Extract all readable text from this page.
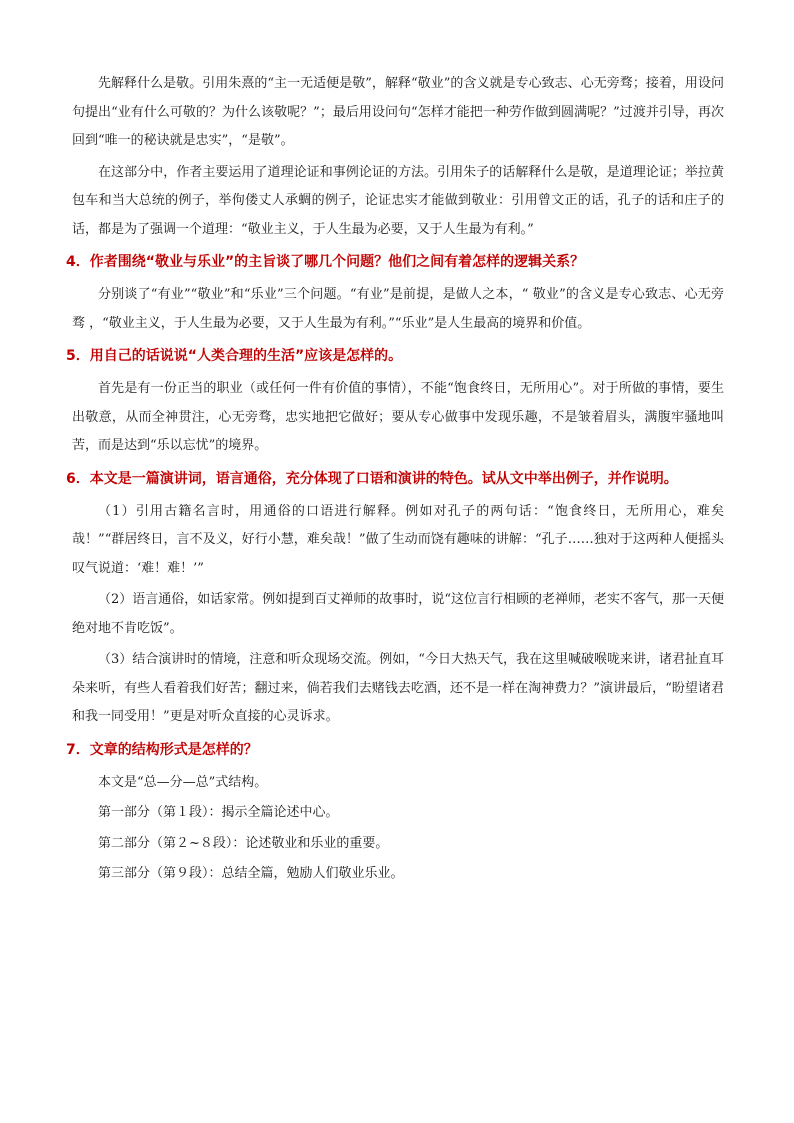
先解释什么是敬。引用朱熹的“主一无适便是敬”，解释“敬业”的含义就是专心致志、心无旁骛；接着，用设问句提出“业有什么可敬的？为什么该敬呢？”；最后用设问句“怎样才能把一种劳作做到圆满呢？”过渡并引导，再次回到“唯一的秘诀就是忠实”，“是敬”。

在这部分中，作者主要运用了道理论证和事例论证的方法。引用朱子的话解释什么是敬，是道理论证；举拉黄包车和当大总统的例子，举佝偻丈人承蜩的例子，论证忠实才能做到敬业：引用曾文正的话，孔子的话和庄子的话，都是为了强调一个道理：“敬业主义，于人生最为必要，又于人生最为有利。”

4．作者围绕“敬业与乐业”的主旨谈了哪几个问题？他们之间有着怎样的逻辑关系？

分别谈了“有业”“敬业”和“乐业”三个问题。“有业”是前提，是做人之本，“ 敬业”的含义是专心致志、心无旁骛 ，“敬业主义，于人生最为必要，又于人生最为有利。”“乐业”是人生最高的境界和价值。

5．用自己的话说说“人类合理的生活”应该是怎样的。

首先是有一份正当的职业（或任何一件有价值的事情），不能“饱食终日，无所用心”。对于所做的事情，要生出敬意，从而全神贯注，心无旁骛，忠实地把它做好；要从专心做事中发现乐趣，不是皱着眉头，满腹牢骚地叫苦，而是达到“乐以忘忧”的境界。

6．本文是一篇演讲词，语言通俗，充分体现了口语和演讲的特色。试从文中举出例子，并作说明。

（1）引用古籍名言时，用通俗的口语进行解释。例如对孔子的两句话：“饱食终日，无所用心，难矣哉！”“群居终日，言不及义，好行小慧，难矣哉！”做了生动而饶有趣味的讲解：“孔子……独对于这两种人便摇头叹气说道：‘难！难！’”

（2）语言通俗，如话家常。例如提到百丈禅师的故事时，说“这位言行相顾的老禅师，老实不客气，那一天便绝对地不肯吃饭”。

（3）结合演讲时的情境，注意和听众现场交流。例如，“今日大热天气，我在这里喊破喉咙来讲，诸君扯直耳朵来听，有些人看着我们好苦；翻过来，倘若我们去赌钱去吃酒，还不是一样在淘神费力？”演讲最后，“盼望诸君和我一同受用！”更是对听众直接的心灵诉求。

7．文章的结构形式是怎样的？

本文是“总—分—总”式结构。

第一部分（第１段）：揭示全篇论述中心。

第二部分（第２~８段）：论述敬业和乐业的重要。

第三部分（第９段）：总结全篇，勉励人们敬业乐业。
